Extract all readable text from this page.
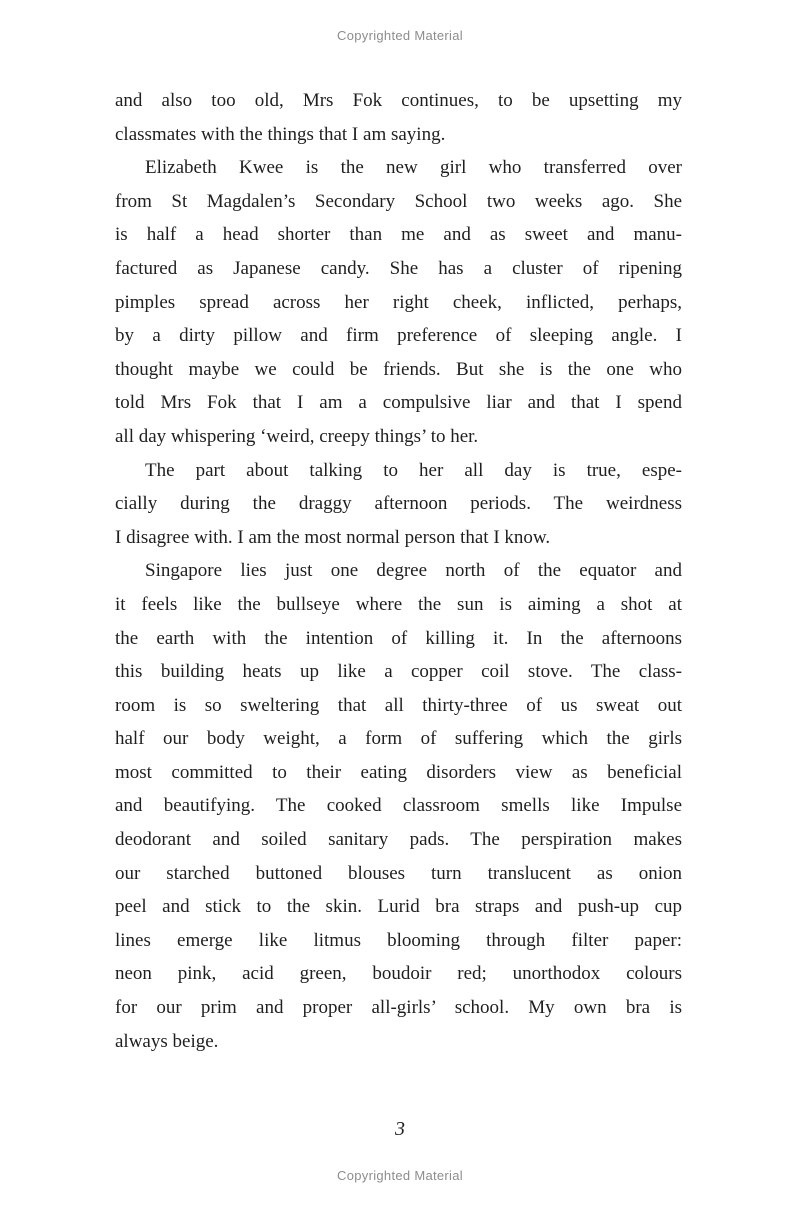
Copyrighted Material
and also too old, Mrs Fok continues, to be upsetting my
classmates with the things that I am saying.
Elizabeth Kwee is the new girl who transferred over
from St Magdalen’s Secondary School two weeks ago. She
is half a head shorter than me and as sweet and manu-
factured as Japanese candy. She has a cluster of ripening
pimples spread across her right cheek, inflicted, perhaps,
by a dirty pillow and firm preference of sleeping angle. I
thought maybe we could be friends. But she is the one who
told Mrs Fok that I am a compulsive liar and that I spend
all day whispering ‘weird, creepy things’ to her.
The part about talking to her all day is true, espe-
cially during the draggy afternoon periods. The weirdness
I disagree with. I am the most normal person that I know.
Singapore lies just one degree north of the equator and
it feels like the bullseye where the sun is aiming a shot at
the earth with the intention of killing it. In the afternoons
this building heats up like a copper coil stove. The class-
room is so sweltering that all thirty-three of us sweat out
half our body weight, a form of suffering which the girls
most committed to their eating disorders view as beneficial
and beautifying. The cooked classroom smells like Impulse
deodorant and soiled sanitary pads. The perspiration makes
our starched buttoned blouses turn translucent as onion
peel and stick to the skin. Lurid bra straps and push-up cup
lines emerge like litmus blooming through filter paper:
neon pink, acid green, boudoir red; unorthodox colours
for our prim and proper all-girls’ school. My own bra is
always beige.
3
Copyrighted Material
